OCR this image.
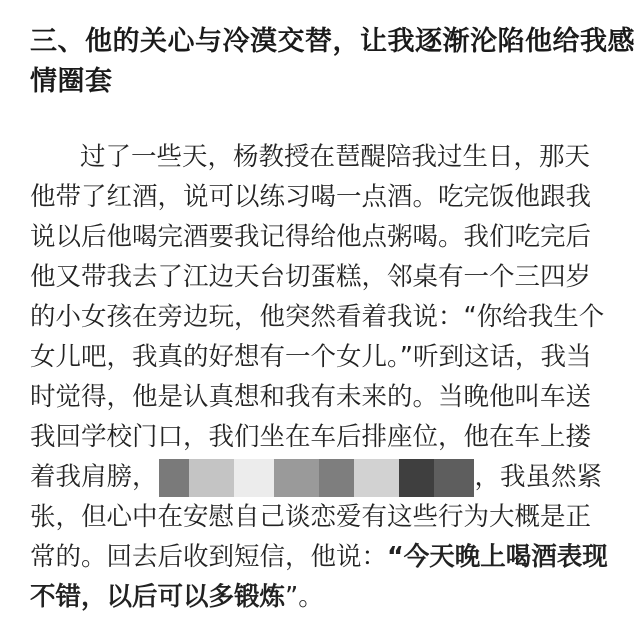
三、他的关心与冷漠交替，让我逐渐沦陷他给我感
情圈套
过了一些天，杨教授在琶醍陪我过生日，那天
他带了红酒，说可以练习喝一点酒。吃完饭他跟我
说以后他喝完酒要我记得给他点粥喝。我们吃完后
他又带我去了江边天台切蛋糕，邻桌有一个三四岁
的小女孩在旁边玩，他突然看着我说：“你给我生个
女儿吧，我真的好想有一个女儿。”听到这话，我当
时觉得，他是认真想和我有未来的。当晚他叫车送
我回学校门口，我们坐在车后排座位，他在车上搂
着我肩膀，	，我虽然紧
张，但心中在安慰自己谈恋爱有这些行为大概是正
常的。回去后收到短信，他说：“今天晚上喝酒表现
不错，以后可以多锻炼”。
